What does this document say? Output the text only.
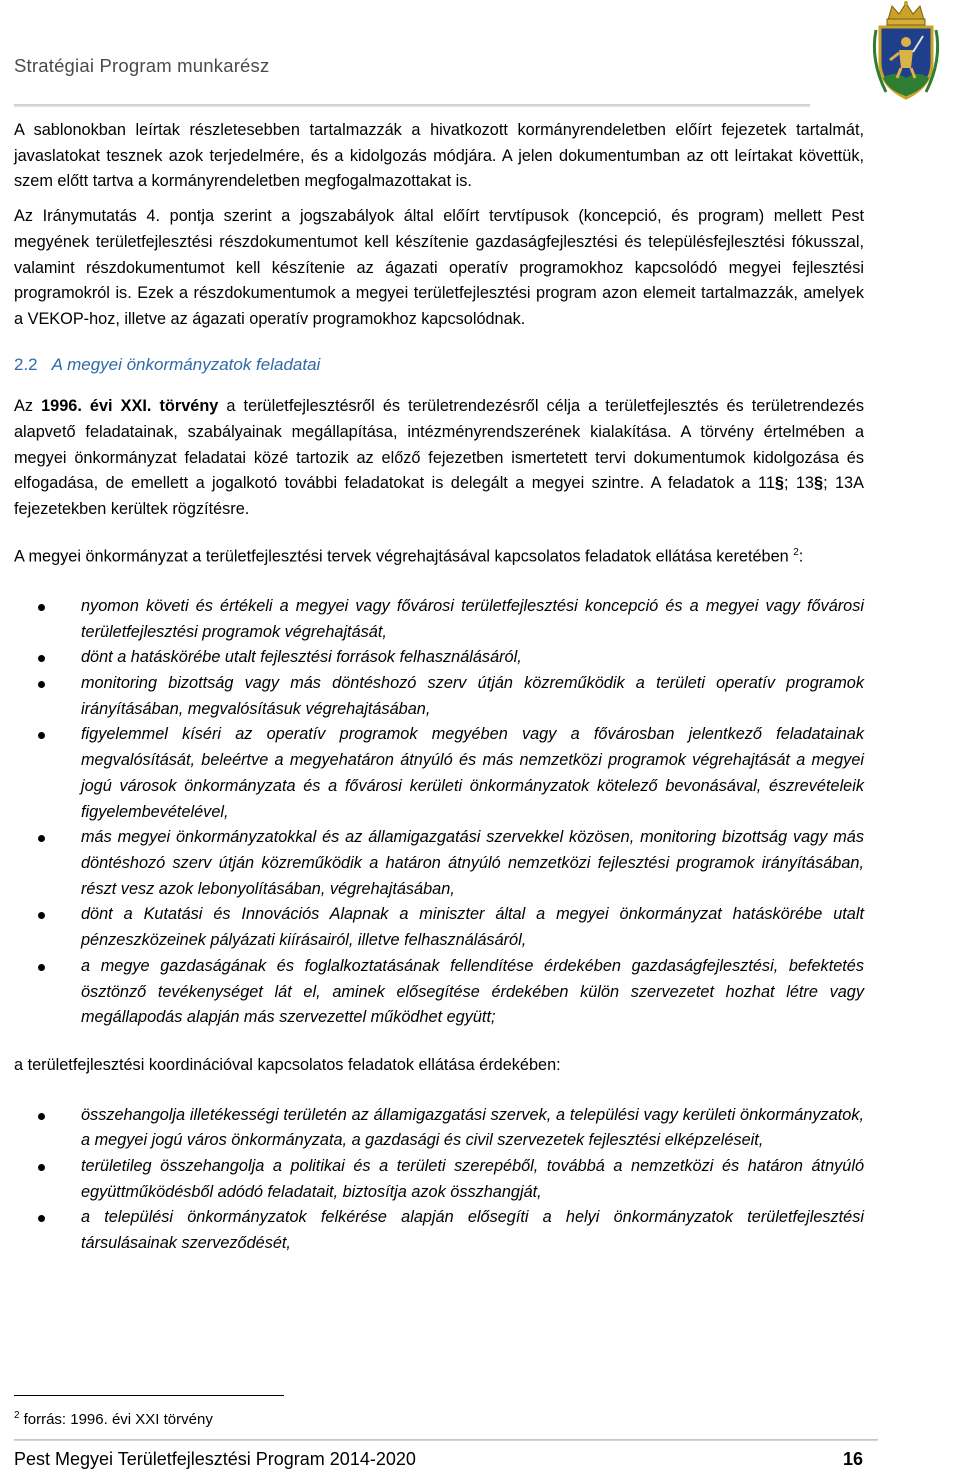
Stratégiai Program munkarész

A sablonokban leírtak részletesebben tartalmazzák a hivatkozott kormányrendeletben előírt fejezetek tartalmát, javaslatokat tesznek azok terjedelmére, és a kidolgozás módjára. A jelen dokumentumban az ott leírtakat követtük, szem előtt tartva a kormányrendeletben megfogalmazottakat is.

Az Iránymutatás 4. pontja szerint a jogszabályok által előírt tervtípusok (koncepció, és program) mellett Pest megyének területfejlesztési részdokumentumot kell készítenie gazdaságfejlesztési és településfejlesztési fókusszal, valamint részdokumentumot kell készítenie az ágazati operatív programokhoz kapcsolódó megyei fejlesztési programokról is. Ezek a részdokumentumok a megyei területfejlesztési program azon elemeit tartalmazzák, amelyek a VEKOP-hoz, illetve az ágazati operatív programokhoz kapcsolódnak.

2.2 A megyei önkormányzatok feladatai

Az 1996. évi XXI. törvény a területfejlesztésről és területrendezésről célja a területfejlesztés és területrendezés alapvető feladatainak, szabályainak megállapítása, intézményrendszerének kialakítása. A törvény értelmében a megyei önkormányzat feladatai közé tartozik az előző fejezetben ismertetett tervi dokumentumok kidolgozása és elfogadása, de emellett a jogalkotó további feladatokat is delegált a megyei szintre. A feladatok a 11§; 13§; 13A fejezetekben kerültek rögzítésre.

A megyei önkormányzat a területfejlesztési tervek végrehajtásával kapcsolatos feladatok ellátása keretében $^2$:

nyomon követi és értékeli a megyei vagy fővárosi területfejlesztési koncepció és a megyei vagy fővárosi területfejlesztési programok végrehajtását,
dönt a hatáskörébe utalt fejlesztési források felhasználásáról,
monitoring bizottság vagy más döntéshozó szerv útján közreműködik a területi operatív programok irányításában, megvalósításuk végrehajtásában,
figyelemmel kíséri az operatív programok megyében vagy a fővárosban jelentkező feladatainak megvalósítását, beleértve a megyehatáron átnyúló és más nemzetközi programok végrehajtását a megyei jogú városok önkormányzata és a fővárosi kerületi önkormányzatok kötelező bevonásával, észrevételeik figyelembevételével,
más megyei önkormányzatokkal és az államigazgatási szervekkel közösen, monitoring bizottság vagy más döntéshozó szerv útján közreműködik a határon átnyúló nemzetközi fejlesztési programok irányításában, részt vesz azok lebonyolításában, végrehajtásában,
dönt a Kutatási és Innovációs Alapnak a miniszter által a megyei önkormányzat hatáskörébe utalt pénzeszközeinek pályázati kiírásairól, illetve felhasználásáról,
a megye gazdaságának és foglalkoztatásának fellendítése érdekében gazdaságfejlesztési, befektetés ösztönző tevékenységet lát el, aminek elősegítése érdekében külön szervezetet hozhat létre vagy megállapodás alapján más szervezettel működhet együtt;

a területfejlesztési koordinációval kapcsolatos feladatok ellátása érdekében:

összehangolja illetékességi területén az államigazgatási szervek, a települési vagy kerületi önkormányzatok, a megyei jogú város önkormányzata, a gazdasági és civil szervezetek fejlesztési elképzeléseit,
területileg összehangolja a politikai és a területi szerepéből, továbbá a nemzetközi és határon átnyúló együttműködésből adódó feladatait, biztosítja azok összhangját,
a települési önkormányzatok felkérése alapján elősegíti a helyi önkormányzatok területfejlesztési társulásainak szerveződését,
$^2$ forrás: 1996. évi XXI törvény
Pest Megyei Területfejlesztési Program 2014-2020	16
